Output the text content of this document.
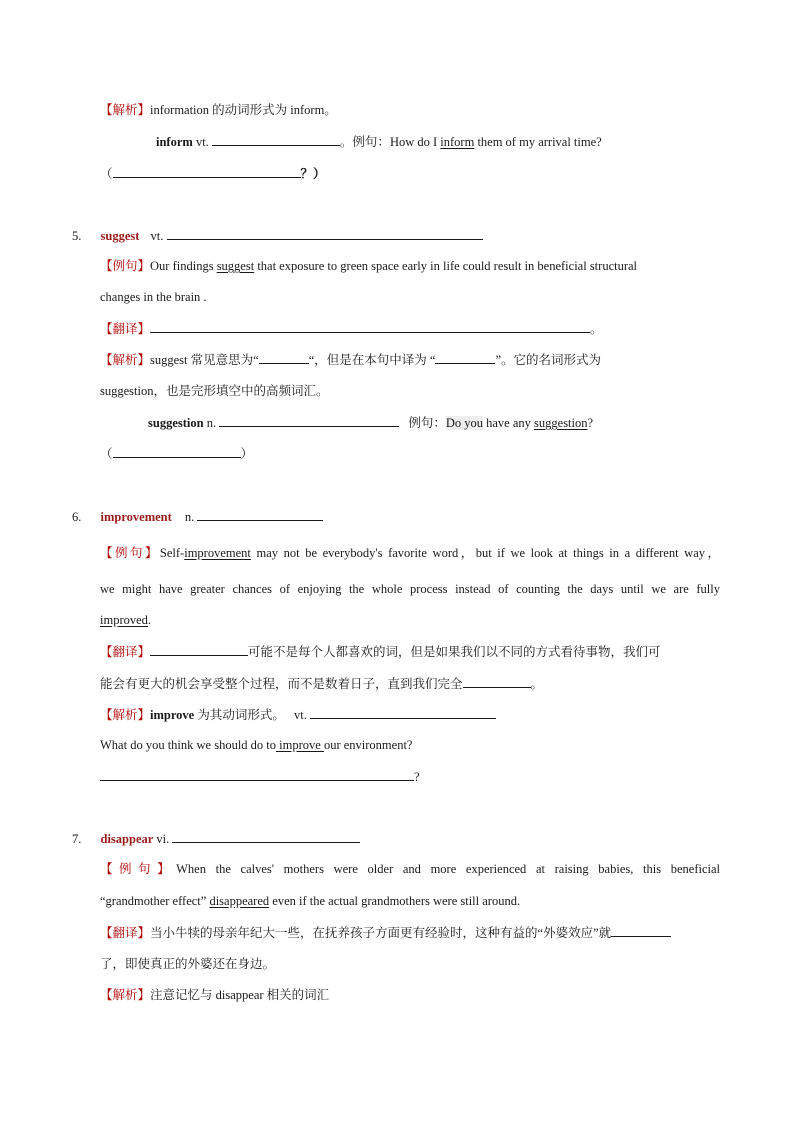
【解析】information 的动词形式为 inform。
inform vt.	。例句：How do I inform them of my arrival time?
（	？）
5. suggest vt.
【例句】Our findings suggest that exposure to green space early in life could result in beneficial structural
changes in the brain .
【翻译】	。
【解析】suggest 常见意思为“	“，但是在本句中译为 “	”。它的名词形式为
suggestion，也是完形填空中的高频词汇。
suggestion n.	例句：Do you have any suggestion?
（	）
6. improvement n.
【例句】Self-improvement may not be everybody's favorite word，but if we look at things in a different way，
we might have greater chances of enjoying the whole process instead of counting the days until we are fully
improved.
【翻译】	可能不是每个人都喜欢的词，但是如果我们以不同的方式看待事物，我们可
能会有更大的机会享受整个过程，而不是数着日子，直到我们完全	。
【解析】improve 为其动词形式。 vt.
What do you think we should do to improve our environment?
?
7. disappear vi.
【例句】When the calves' mothers were older and more experienced at raising babies, this beneficial
“grandmother effect” disappeared even if the actual grandmothers were still around.
【翻译】当小牛犊的母亲年纪大一些，在抚养孩子方面更有经验时，这种有益的“外婆效应”就
了，即使真正的外婆还在身边。
【解析】注意记忆与 disappear 相关的词汇
